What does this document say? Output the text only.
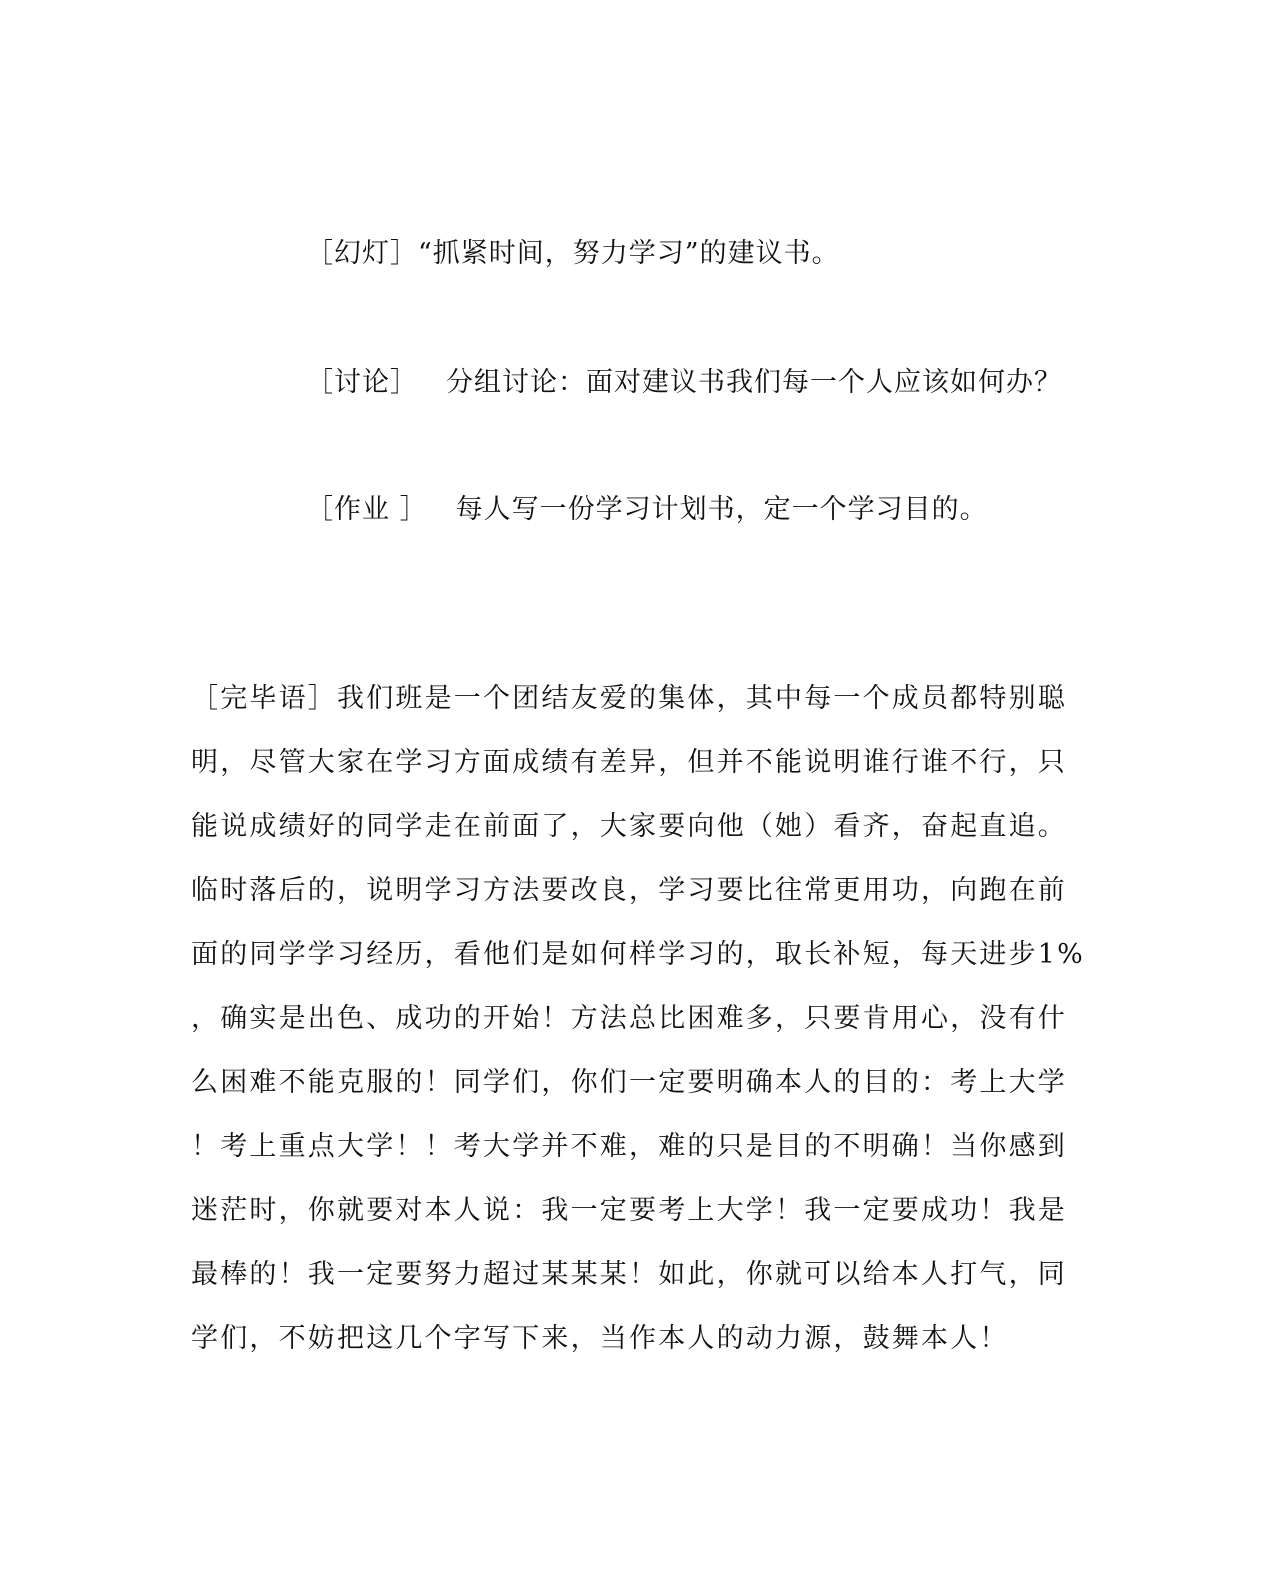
［幻灯］“抓紧时间，努力学习”的建议书。
［讨论］ 分组讨论：面对建议书我们每一个人应该如何办？
［作业 ］ 每人写一份学习计划书，定一个学习目的。
［完毕语］我们班是一个团结友爱的集体，其中每一个成员都特别聪
明，尽管大家在学习方面成绩有差异，但并不能说明谁行谁不行，只
能说成绩好的同学走在前面了，大家要向他（她）看齐，奋起直追。
临时落后的，说明学习方法要改良，学习要比往常更用功，向跑在前
面的同学学习经历，看他们是如何样学习的，取长补短，每天进步1%
，确实是出色、成功的开始！方法总比困难多，只要肯用心，没有什
么困难不能克服的！同学们，你们一定要明确本人的目的：考上大学
！考上重点大学！！考大学并不难，难的只是目的不明确！当你感到
迷茫时，你就要对本人说：我一定要考上大学！我一定要成功！我是
最棒的！我一定要努力超过某某某！如此，你就可以给本人打气，同
学们，不妨把这几个字写下来，当作本人的动力源，鼓舞本人！
